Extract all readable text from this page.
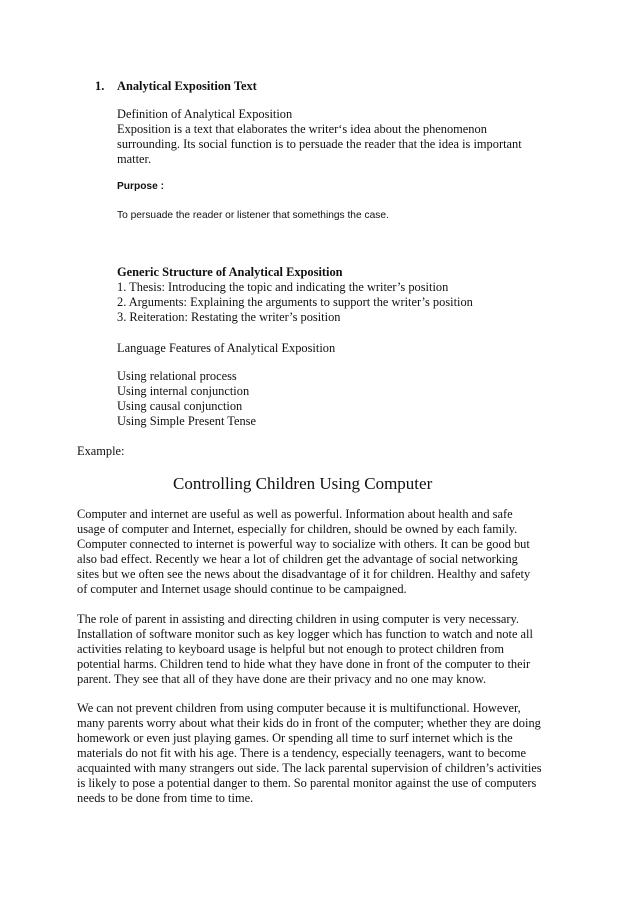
1. Analytical Exposition Text
Definition of Analytical Exposition
Exposition is a text that elaborates the writer‘s idea about the phenomenon
surrounding. Its social function is to persuade the reader that the idea is important
matter.
Purpose :
To persuade the reader or listener that somethings the case.
Generic Structure of Analytical Exposition
1. Thesis: Introducing the topic and indicating the writer’s position
2. Arguments: Explaining the arguments to support the writer’s position
3. Reiteration: Restating the writer’s position
Language Features of Analytical Exposition
Using relational process
Using internal conjunction
Using causal conjunction
Using Simple Present Tense
Example:
Controlling Children Using Computer
Computer and internet are useful as well as powerful. Information about health and safe
usage of computer and Internet, especially for children, should be owned by each family.
Computer connected to internet is powerful way to socialize with others. It can be good but
also bad effect. Recently we hear a lot of children get the advantage of social networking
sites but we often see the news about the disadvantage of it for children. Healthy and safety
of computer and Internet usage should continue to be campaigned.
The role of parent in assisting and directing children in using computer is very necessary.
Installation of software monitor such as key logger which has function to watch and note all
activities relating to keyboard usage is helpful but not enough to protect children from
potential harms. Children tend to hide what they have done in front of the computer to their
parent. They see that all of they have done are their privacy and no one may know.
We can not prevent children from using computer because it is multifunctional. However,
many parents worry about what their kids do in front of the computer; whether they are doing
homework or even just playing games. Or spending all time to surf internet which is the
materials do not fit with his age. There is a tendency, especially teenagers, want to become
acquainted with many strangers out side. The lack parental supervision of children’s activities
is likely to pose a potential danger to them. So parental monitor against the use of computers
needs to be done from time to time.
